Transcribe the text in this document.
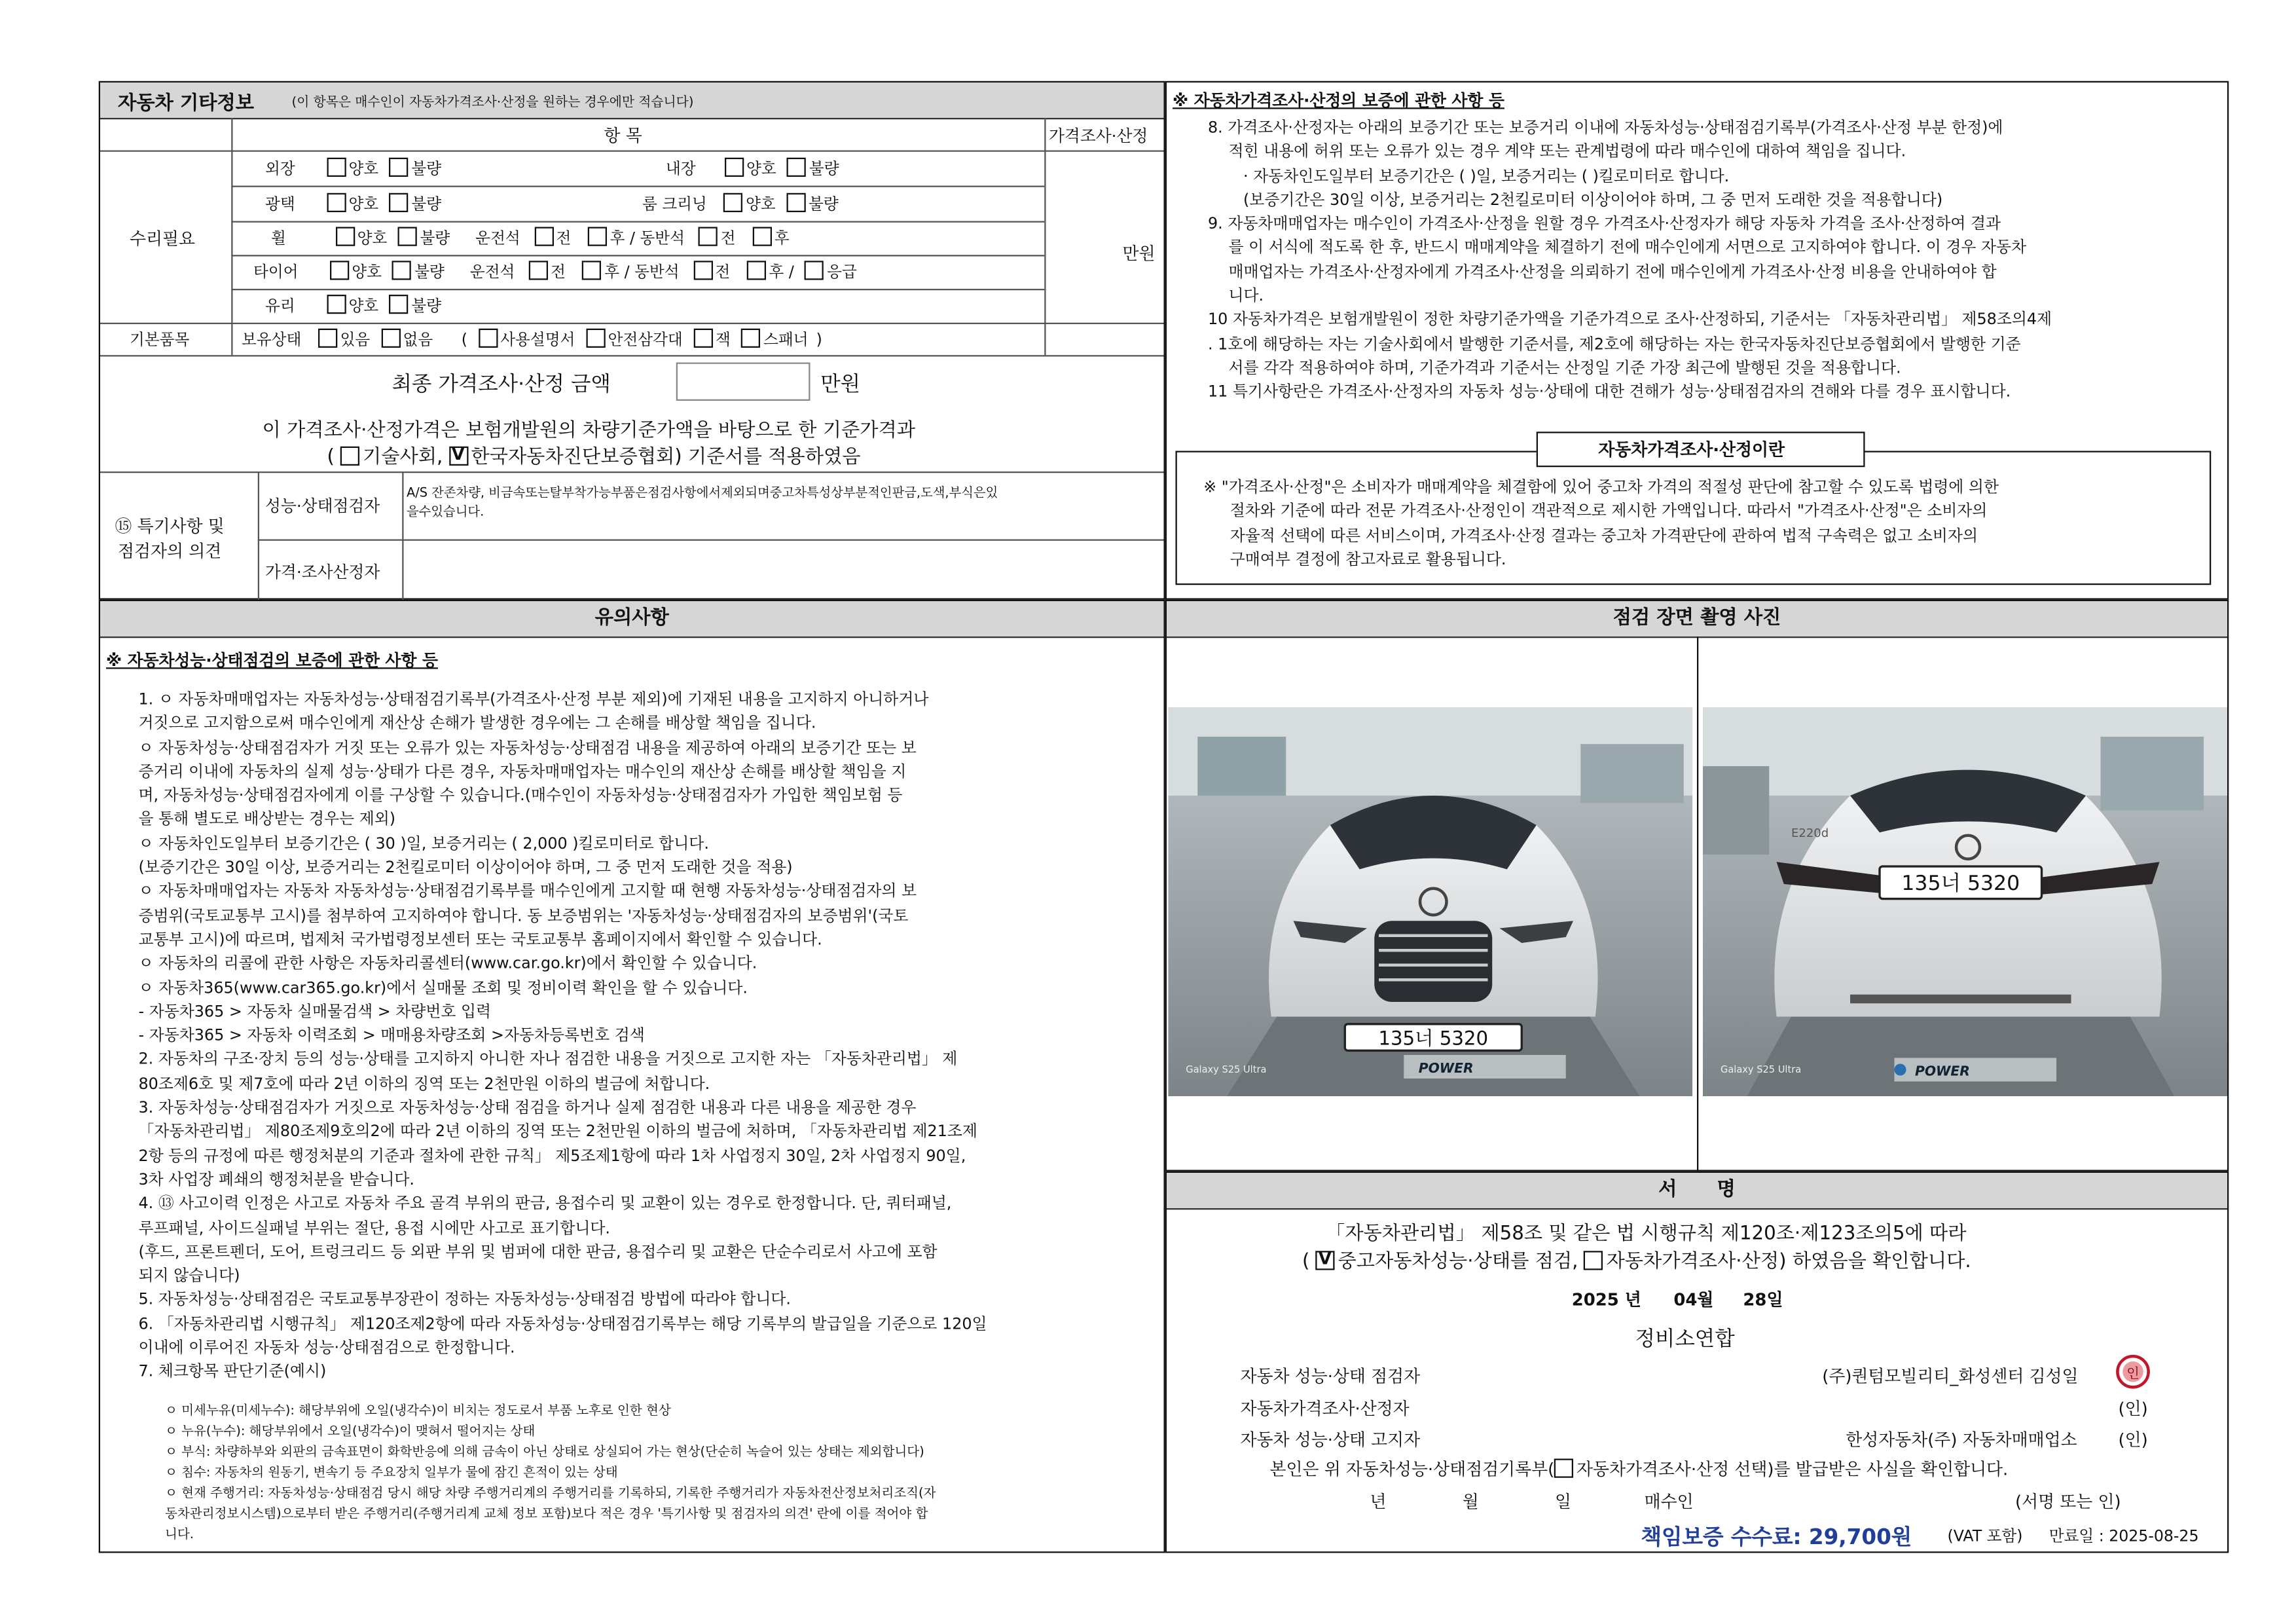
자동차 기타정보	(이 항목은 매수인이 자동차가격조사·산정을 원하는 경우에만 적습니다)
항 목	가격조사·산정
수리필요
만원
외장	양호	불량	내장	양호	불량
광택	양호	불량	룸 크리닝	양호	불량
휠	양호	불량	운전석	전	후 / 동반석	전	후
타이어	양호	불량	운전석	전	후 / 동반석	전	후 /	응급
유리	양호	불량
기본품목	보유상태	있음	없음	(	사용설명서	안전삼각대	잭	스패너 )
최종 가격조사·산정 금액	만원
이 가격조사·산정가격은 보험개발원의 차량기준가액을 바탕으로 한 기준가격과
(	기술사회, V	한국자동차진단보증협회) 기준서를 적용하였음
⑮ 특기사항 및
점검자의 의견
성능·상태점검자
A/S 잔존차량, 비금속또는탈부착가능부품은점검사항에서제외되며중고차특성상부분적인판금,도색,부식은있
을수있습니다.
가격·조사산정자
※ 자동차가격조사·산정의 보증에 관한 사항 등
8. 가격조사·산정자는 아래의 보증기간 또는 보증거리 이내에 자동차성능·상태점검기록부(가격조사·산정 부분 한정)에
적힌 내용에 허위 또는 오류가 있는 경우 계약 또는 관계법령에 따라 매수인에 대하여 책임을 집니다.
· 자동차인도일부터 보증기간은 ( )일, 보증거리는 ( )킬로미터로 합니다.
(보증기간은 30일 이상, 보증거리는 2천킬로미터 이상이어야 하며, 그 중 먼저 도래한 것을 적용합니다)
9. 자동차매매업자는 매수인이 가격조사·산정을 원할 경우 가격조사·산정자가 해당 자동차 가격을 조사·산정하여 결과
를 이 서식에 적도록 한 후, 반드시 매매계약을 체결하기 전에 매수인에게 서면으로 고지하여야 합니다. 이 경우 자동차
매매업자는 가격조사·산정자에게 가격조사·산정을 의뢰하기 전에 매수인에게 가격조사·산정 비용을 안내하여야 합
니다.
10 자동차가격은 보험개발원이 정한 차량기준가액을 기준가격으로 조사·산정하되, 기준서는 「자동차관리법」 제58조의4제
. 1호에 해당하는 자는 기술사회에서 발행한 기준서를, 제2호에 해당하는 자는 한국자동차진단보증협회에서 발행한 기준
서를 각각 적용하여야 하며, 기준가격과 기준서는 산정일 기준 가장 최근에 발행된 것을 적용합니다.
11 특기사항란은 가격조사·산정자의 자동차 성능·상태에 대한 견해가 성능·상태점검자의 견해와 다를 경우 표시합니다.
자동차가격조사·산정이란
※ "가격조사·산정"은 소비자가 매매계약을 체결함에 있어 중고차 가격의 적절성 판단에 참고할 수 있도록 법령에 의한
절차와 기준에 따라 전문 가격조사·산정인이 객관적으로 제시한 가액입니다. 따라서 "가격조사·산정"은 소비자의
자율적 선택에 따른 서비스이며, 가격조사·산정 결과는 중고차 가격판단에 관하여 법적 구속력은 없고 소비자의
구매여부 결정에 참고자료로 활용됩니다.
유의사항
※ 자동차성능·상태점검의 보증에 관한 사항 등
1. ㅇ 자동차매매업자는 자동차성능·상태점검기록부(가격조사·산정 부분 제외)에 기재된 내용을 고지하지 아니하거나
거짓으로 고지함으로써 매수인에게 재산상 손해가 발생한 경우에는 그 손해를 배상할 책임을 집니다.
ㅇ 자동차성능·상태점검자가 거짓 또는 오류가 있는 자동차성능·상태점검 내용을 제공하여 아래의 보증기간 또는 보
증거리 이내에 자동차의 실제 성능·상태가 다른 경우, 자동차매매업자는 매수인의 재산상 손해를 배상할 책임을 지
며, 자동차성능·상태점검자에게 이를 구상할 수 있습니다.(매수인이 자동차성능·상태점검자가 가입한 책임보험 등
을 통해 별도로 배상받는 경우는 제외)
ㅇ 자동차인도일부터 보증기간은 ( 30 )일, 보증거리는 ( 2,000 )킬로미터로 합니다.
(보증기간은 30일 이상, 보증거리는 2천킬로미터 이상이어야 하며, 그 중 먼저 도래한 것을 적용)
ㅇ 자동차매매업자는 자동차 자동차성능·상태점검기록부를 매수인에게 고지할 때 현행 자동차성능·상태점검자의 보
증범위(국토교통부 고시)를 첨부하여 고지하여야 합니다. 동 보증범위는 '자동차성능·상태점검자의 보증범위'(국토
교통부 고시)에 따르며, 법제처 국가법령정보센터 또는 국토교통부 홈페이지에서 확인할 수 있습니다.
ㅇ 자동차의 리콜에 관한 사항은 자동차리콜센터(www.car.go.kr)에서 확인할 수 있습니다.
ㅇ 자동차365(www.car365.go.kr)에서 실매물 조회 및 정비이력 확인을 할 수 있습니다.
- 자동차365 > 자동차 실매물검색 > 차량번호 입력
- 자동차365 > 자동차 이력조회 > 매매용차량조회 >자동차등록번호 검색
2. 자동차의 구조·장치 등의 성능·상태를 고지하지 아니한 자나 점검한 내용을 거짓으로 고지한 자는 「자동차관리법」 제
80조제6호 및 제7호에 따라 2년 이하의 징역 또는 2천만원 이하의 벌금에 처합니다.
3. 자동차성능·상태점검자가 거짓으로 자동차성능·상태 점검을 하거나 실제 점검한 내용과 다른 내용을 제공한 경우
「자동차관리법」 제80조제9호의2에 따라 2년 이하의 징역 또는 2천만원 이하의 벌금에 처하며, 「자동차관리법 제21조제
2항 등의 규정에 따른 행정처분의 기준과 절차에 관한 규칙」 제5조제1항에 따라 1차 사업정지 30일, 2차 사업정지 90일,
3차 사업장 폐쇄의 행정처분을 받습니다.
4. ⑬ 사고이력 인정은 사고로 자동차 주요 골격 부위의 판금, 용접수리 및 교환이 있는 경우로 한정합니다. 단, 쿼터패널,
루프패널, 사이드실패널 부위는 절단, 용접 시에만 사고로 표기합니다.
(후드, 프론트펜더, 도어, 트렁크리드 등 외판 부위 및 범퍼에 대한 판금, 용접수리 및 교환은 단순수리로서 사고에 포함
되지 않습니다)
5. 자동차성능·상태점검은 국토교통부장관이 정하는 자동차성능·상태점검 방법에 따라야 합니다.
6. 「자동차관리법 시행규칙」 제120조제2항에 따라 자동차성능·상태점검기록부는 해당 기록부의 발급일을 기준으로 120일
이내에 이루어진 자동차 성능·상태점검으로 한정합니다.
7. 체크항목 판단기준(예시)
ㅇ 미세누유(미세누수): 해당부위에 오일(냉각수)이 비치는 정도로서 부품 노후로 인한 현상
ㅇ 누유(누수): 해당부위에서 오일(냉각수)이 맺혀서 떨어지는 상태
ㅇ 부식: 차량하부와 외판의 금속표면이 화학반응에 의해 금속이 아닌 상태로 상실되어 가는 현상(단순히 녹슬어 있는 상태는 제외합니다)
ㅇ 침수: 자동차의 원동기, 변속기 등 주요장치 일부가 물에 잠긴 흔적이 있는 상태
ㅇ 현재 주행거리: 자동차성능·상태점검 당시 해당 차량 주행거리계의 주행거리를 기록하되, 기록한 주행거리가 자동차전산정보처리조직(자
동차관리정보시스템)으로부터 받은 주행거리(주행거리계 교체 정보 포함)보다 적은 경우 '특기사항 및 점검자의 의견' 란에 이를 적어야 합
니다.
점검 장면 촬영 사진
135너 5320
POWER
Galaxy S25 Ultra
E220d
135너 5320
POWER
Galaxy S25 Ultra
서      명
「자동차관리법」 제58조 및 같은 법 시행규칙 제120조·제123조의5에 따라
( V	중고자동차성능·상태를 점검,	자동차가격조사·산정) 하였음을 확인합니다.
2025 년	04월	28일
정비소연합
자동차 성능·상태 점검자	(주)퀀텀모빌리티_화성센터 김성일	인
자동차가격조사·산정자	(인)
자동차 성능·상태 고지자	한성자동차(주) 자동차매매업소	(인)
본인은 위 자동차성능·상태점검기록부(	자동차가격조사·산정 선택)를 발급받은 사실을 확인합니다.
년	월	일	매수인	(서명 또는 인)
책임보증 수수료: 29,700원	(VAT 포함)	만료일 : 2025-08-25
